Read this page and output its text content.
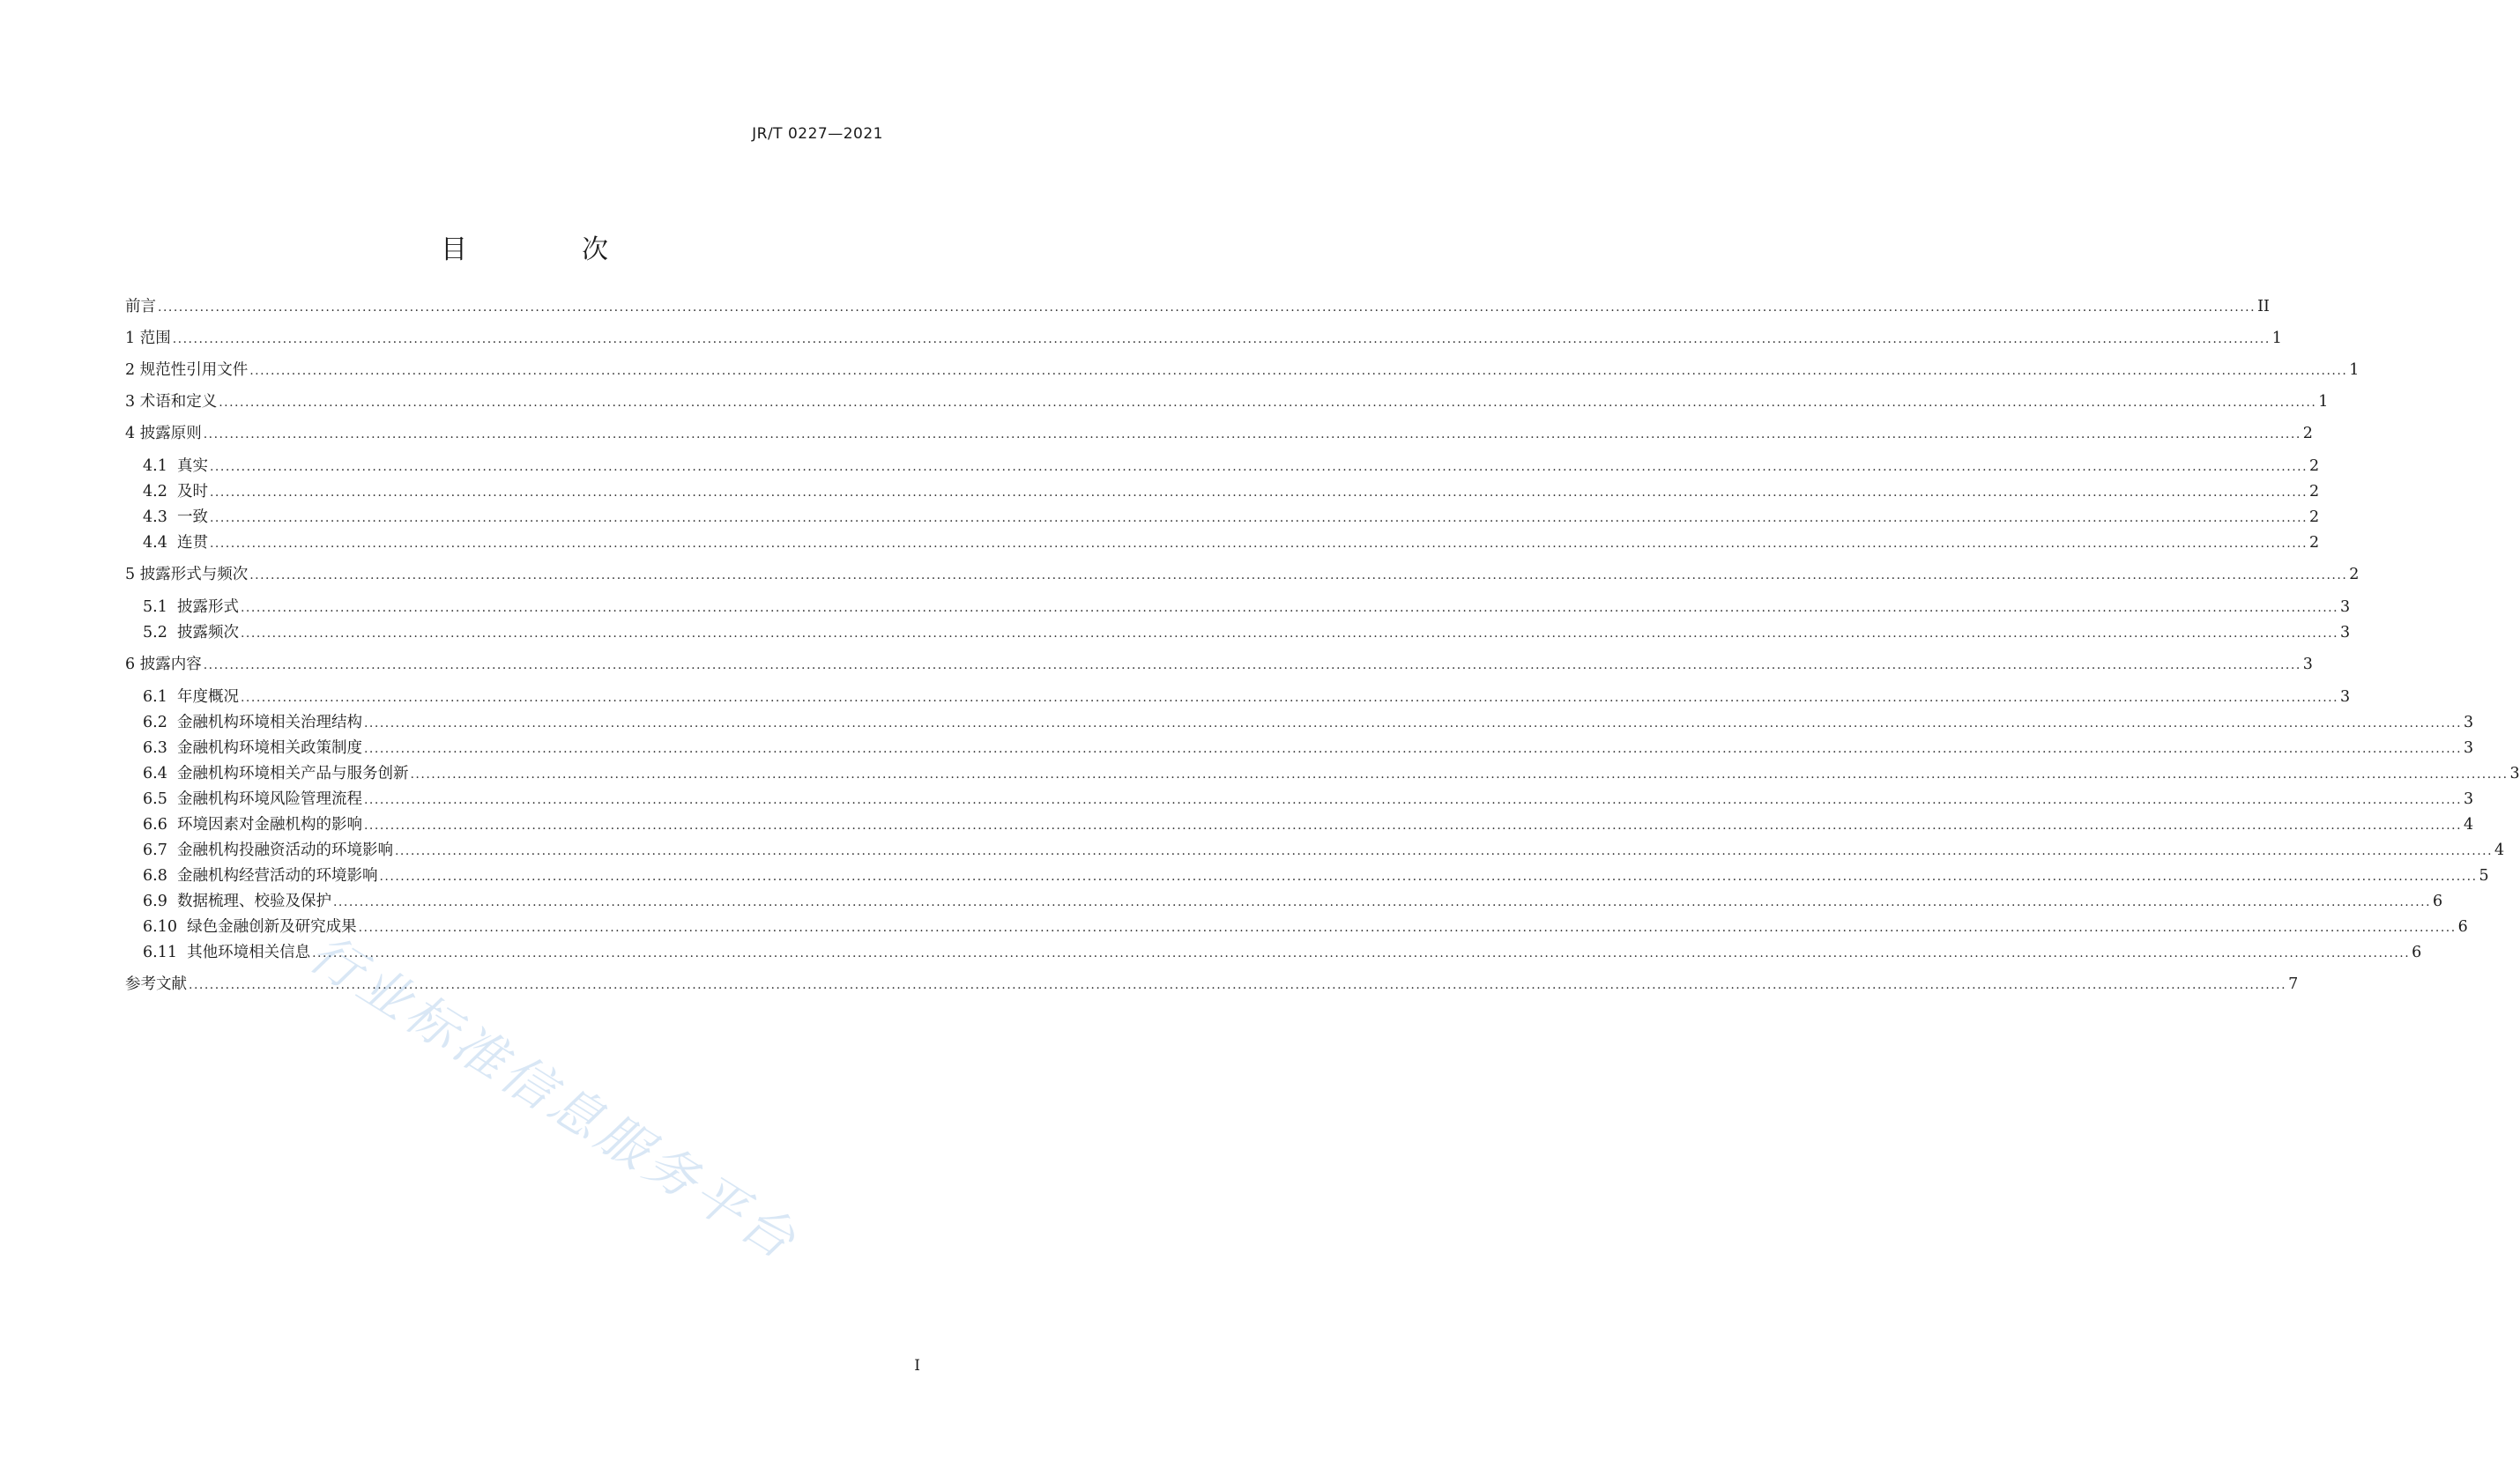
JR/T 0227—2021
目　次
前言 ................................................................................................................................................................................................................................................................................................................................................................................................................ II
1 范围 ................................................................................................................................................................................................................................................................................................................................................................................................................ 1
2 规范性引用文件 ................................................................................................................................................................................................................................................................................................................................................................................................................ 1
3 术语和定义 ................................................................................................................................................................................................................................................................................................................................................................................................................ 1
4 披露原则 ................................................................................................................................................................................................................................................................................................................................................................................................................ 2
4.1 真实 ................................................................................................................................................................................................................................................................................................................................................................................................................ 2
4.2 及时 ................................................................................................................................................................................................................................................................................................................................................................................................................ 2
4.3 一致 ................................................................................................................................................................................................................................................................................................................................................................................................................ 2
4.4 连贯 ................................................................................................................................................................................................................................................................................................................................................................................................................ 2
5 披露形式与频次 ................................................................................................................................................................................................................................................................................................................................................................................................................ 2
5.1 披露形式 ................................................................................................................................................................................................................................................................................................................................................................................................................ 3
5.2 披露频次 ................................................................................................................................................................................................................................................................................................................................................................................................................ 3
6 披露内容 ................................................................................................................................................................................................................................................................................................................................................................................................................ 3
6.1 年度概况 ................................................................................................................................................................................................................................................................................................................................................................................................................ 3
6.2 金融机构环境相关治理结构 ................................................................................................................................................................................................................................................................................................................................................................................................................ 3
6.3 金融机构环境相关政策制度 ................................................................................................................................................................................................................................................................................................................................................................................................................ 3
6.4 金融机构环境相关产品与服务创新 ................................................................................................................................................................................................................................................................................................................................................................................................................ 3
6.5 金融机构环境风险管理流程 ................................................................................................................................................................................................................................................................................................................................................................................................................ 3
6.6 环境因素对金融机构的影响 ................................................................................................................................................................................................................................................................................................................................................................................................................ 4
6.7 金融机构投融资活动的环境影响 ................................................................................................................................................................................................................................................................................................................................................................................................................ 4
6.8 金融机构经营活动的环境影响 ................................................................................................................................................................................................................................................................................................................................................................................................................ 5
6.9 数据梳理、校验及保护 ................................................................................................................................................................................................................................................................................................................................................................................................................ 6
6.10 绿色金融创新及研究成果 ................................................................................................................................................................................................................................................................................................................................................................................................................ 6
6.11 其他环境相关信息 ................................................................................................................................................................................................................................................................................................................................................................................................................ 6
参考文献 ................................................................................................................................................................................................................................................................................................................................................................................................................ 7
行业标准信息服务平台
I
